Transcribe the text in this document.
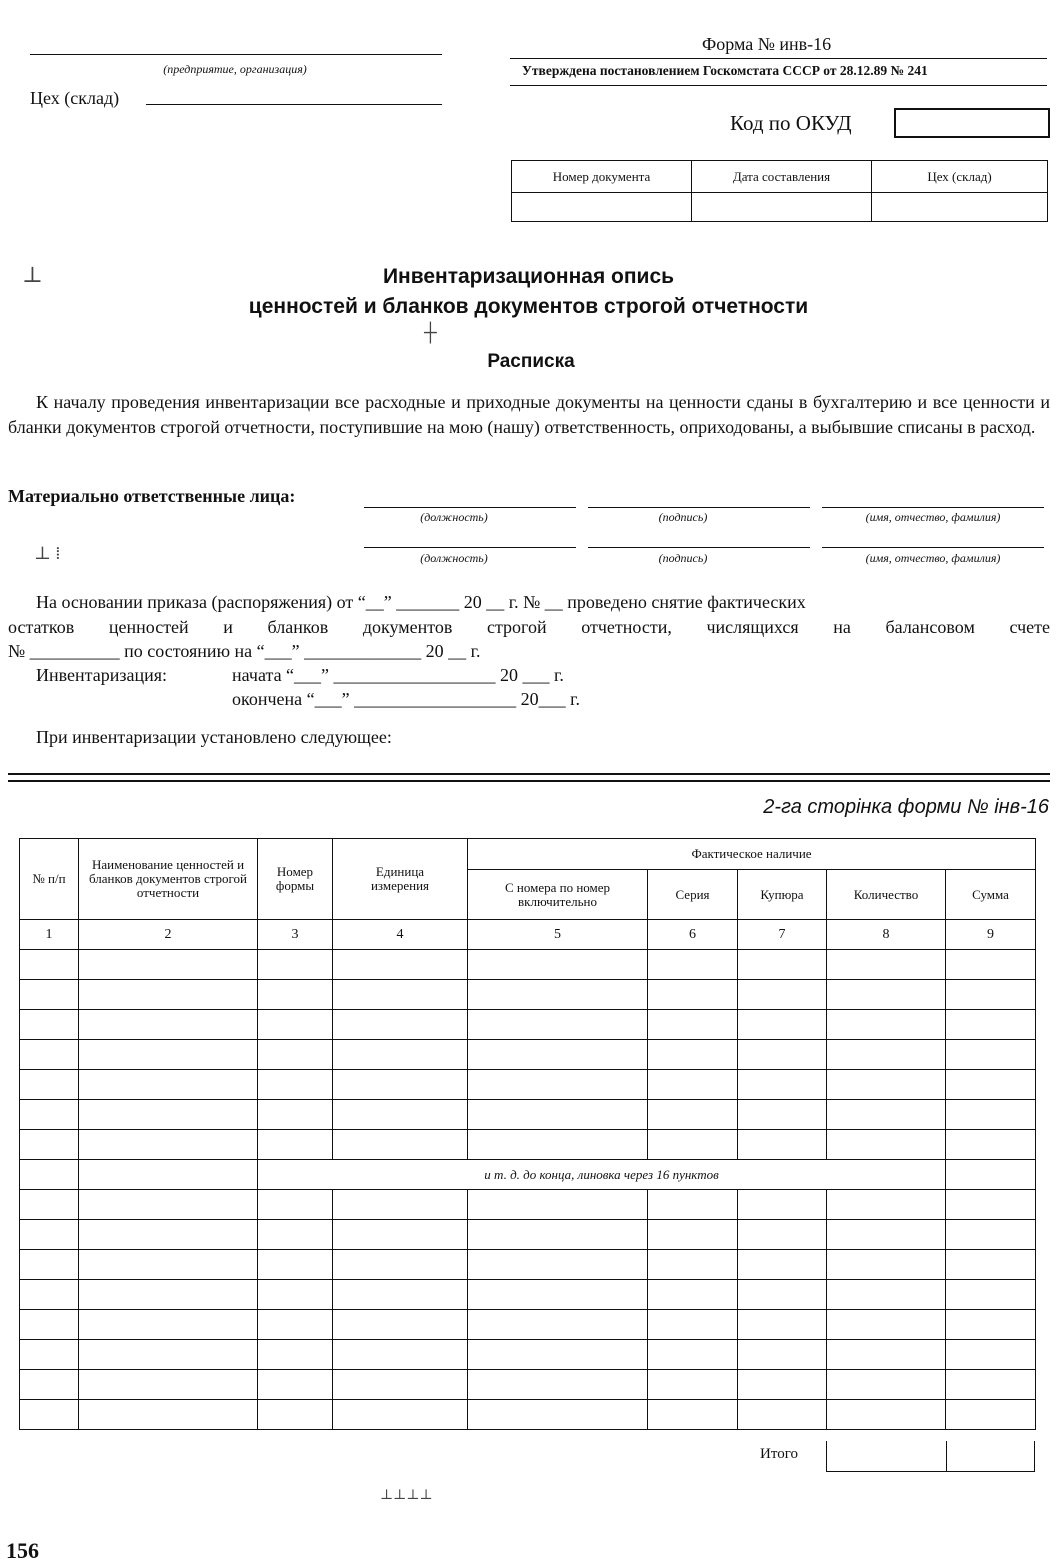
(предприятие, организация)
Цех (склад)
Форма № инв-16
Утверждена постановлением Госкомстата СССР от 28.12.89 № 241
Код по ОКУД
Номер документа	Дата составления	Цех (склад)

Инвентаризационная опись
ценностей и бланков документов строгой отчетности
Расписка
К началу проведения инвентаризации все расходные и приходные документы на ценности сданы в бухгалтерию и все ценности и бланки документов строгой отчетности, поступившие на мою (нашу) ответственность, оприходованы, а выбывшие списаны в расход.
Материально ответственные лица:
(должность)	(подпись)	(имя, отчество, фамилия)
(должность)	(подпись)	(имя, отчество, фамилия)
На основании приказа (распоряжения) от “__” _______ 20 __ г. № __ проведено снятие фактических
остатков ценностей и бланков документов строгой отчетности, числящихся на балансовом счете
№ __________ по состоянию на “___” _____________ 20 __ г.
Инвентаризация:	начата “___” __________________ 20 ___ г.
окончена “___” __________________ 20___ г.
При инвентаризации установлено следующее:
2-га сторінка форми № інв-16
№ п/п	Наименование ценностей и бланков документов строгой отчетности	Номер формы	Единица измерения	Фактическое наличие				
				С номера по номер включительно	Серия	Купюра	Количество	Сумма
1	2	3	4	5	6	7	8	9

		и т. д. до конца, линовка через 16 пунктов						

Итого
156
⊥
┼
⊥ ⁞
⊥⊥⊥⊥
